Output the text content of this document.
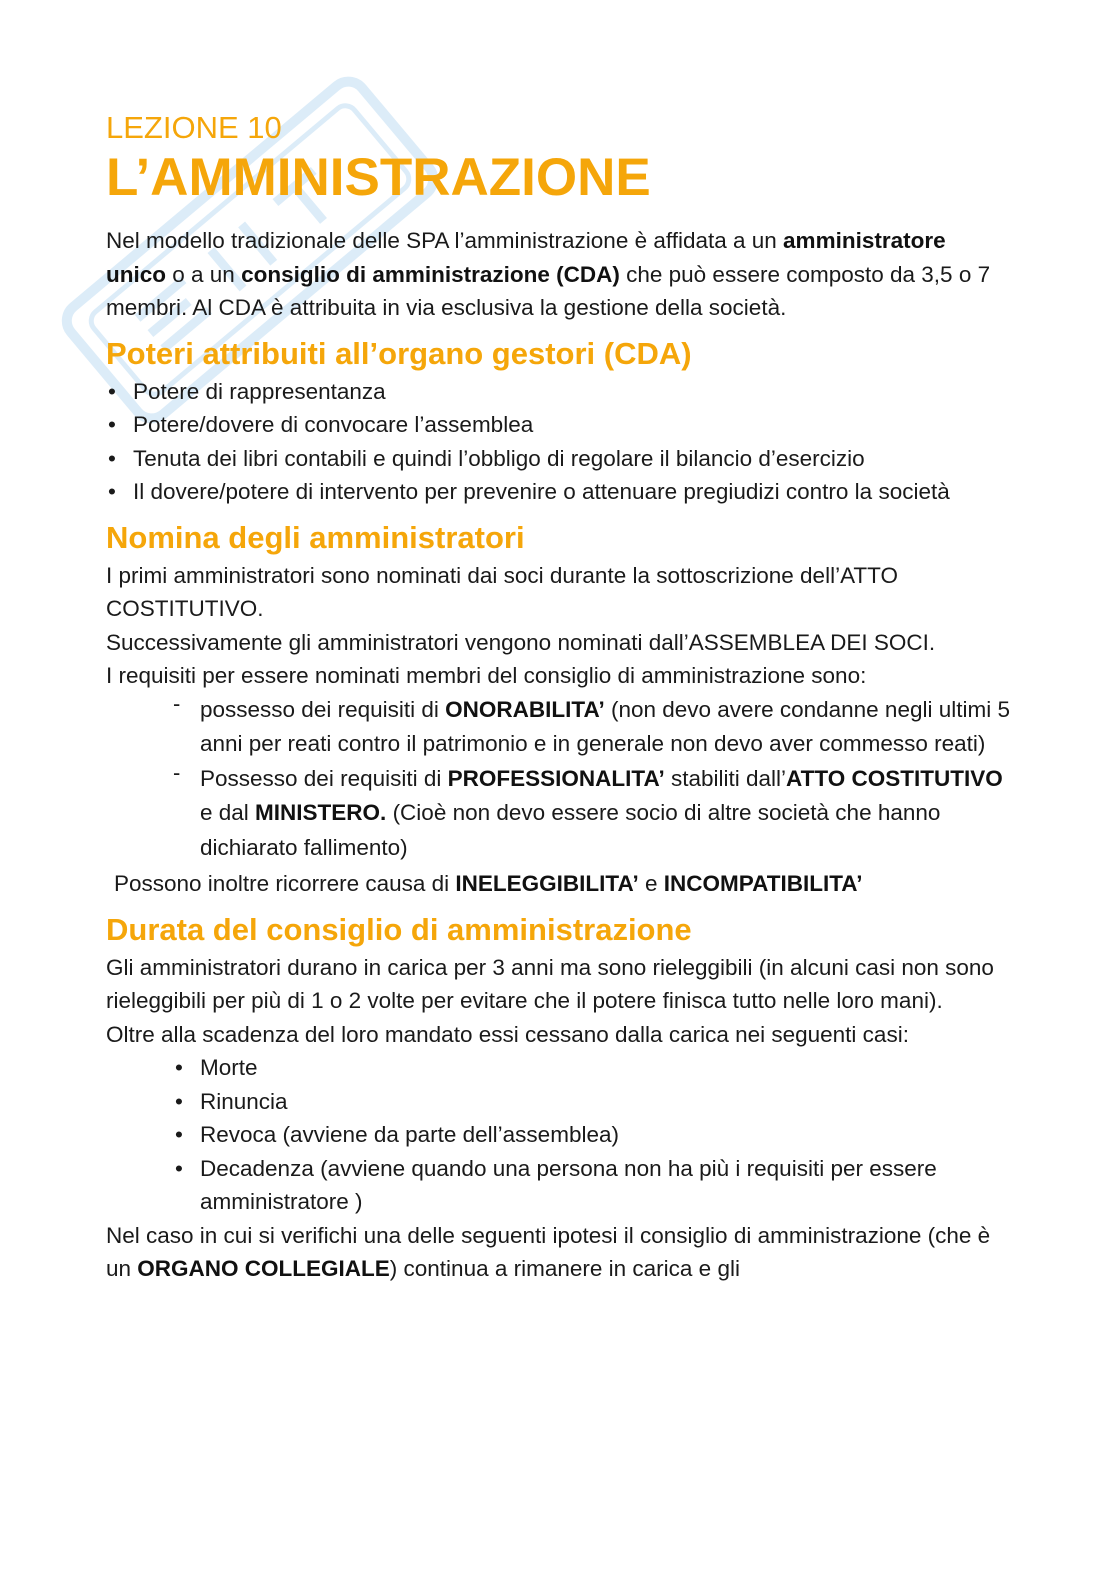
LEZIONE 10
L’AMMINISTRAZIONE

Nel modello tradizionale delle SPA l’amministrazione è affidata a un amministratore unico o a un consiglio di amministrazione (CDA) che può essere composto da 3,5 o 7 membri. Al CDA è attribuita in via esclusiva la gestione della società.

Poteri attribuiti all’organo gestori (CDA)
• Potere di rappresentanza
• Potere/dovere di convocare l’assemblea
• Tenuta dei libri contabili e quindi l’obbligo di regolare il bilancio d’esercizio
• Il dovere/potere di intervento per prevenire o attenuare pregiudizi contro la società
Nomina degli amministratori

I primi amministratori sono nominati dai soci durante la sottoscrizione dell’ATTO COSTITUTIVO.

Successivamente gli amministratori vengono nominati dall’ASSEMBLEA DEI SOCI.

I requisiti per essere nominati membri del consiglio di amministrazione sono:

- possesso dei requisiti di ONORABILITA’ (non devo avere condanne negli ultimi 5 anni per reati contro il patrimonio e in generale non devo aver commesso reati)
- Possesso dei requisiti di PROFESSIONALITA’ stabiliti dall’ATTO COSTITUTIVO e dal MINISTERO. (Cioè non devo essere socio di altre società che hanno dichiarato fallimento)

Possono inoltre ricorrere causa di INELEGGIBILITA’ e INCOMPATIBILITA’

Durata del consiglio di amministrazione

Gli amministratori durano in carica per 3 anni ma sono rieleggibili (in alcuni casi non sono rieleggibili per più di 1 o 2 volte per evitare che il potere finisca tutto nelle loro mani).

Oltre alla scadenza del loro mandato essi cessano dalla carica nei seguenti casi:

• Morte
• Rinuncia
• Revoca (avviene da parte dell’assemblea)
• Decadenza (avviene quando una persona non ha più i requisiti per essere amministratore )

Nel caso in cui si verifichi una delle seguenti ipotesi il consiglio di amministrazione (che è un ORGANO COLLEGIALE) continua a rimanere in carica e gli
